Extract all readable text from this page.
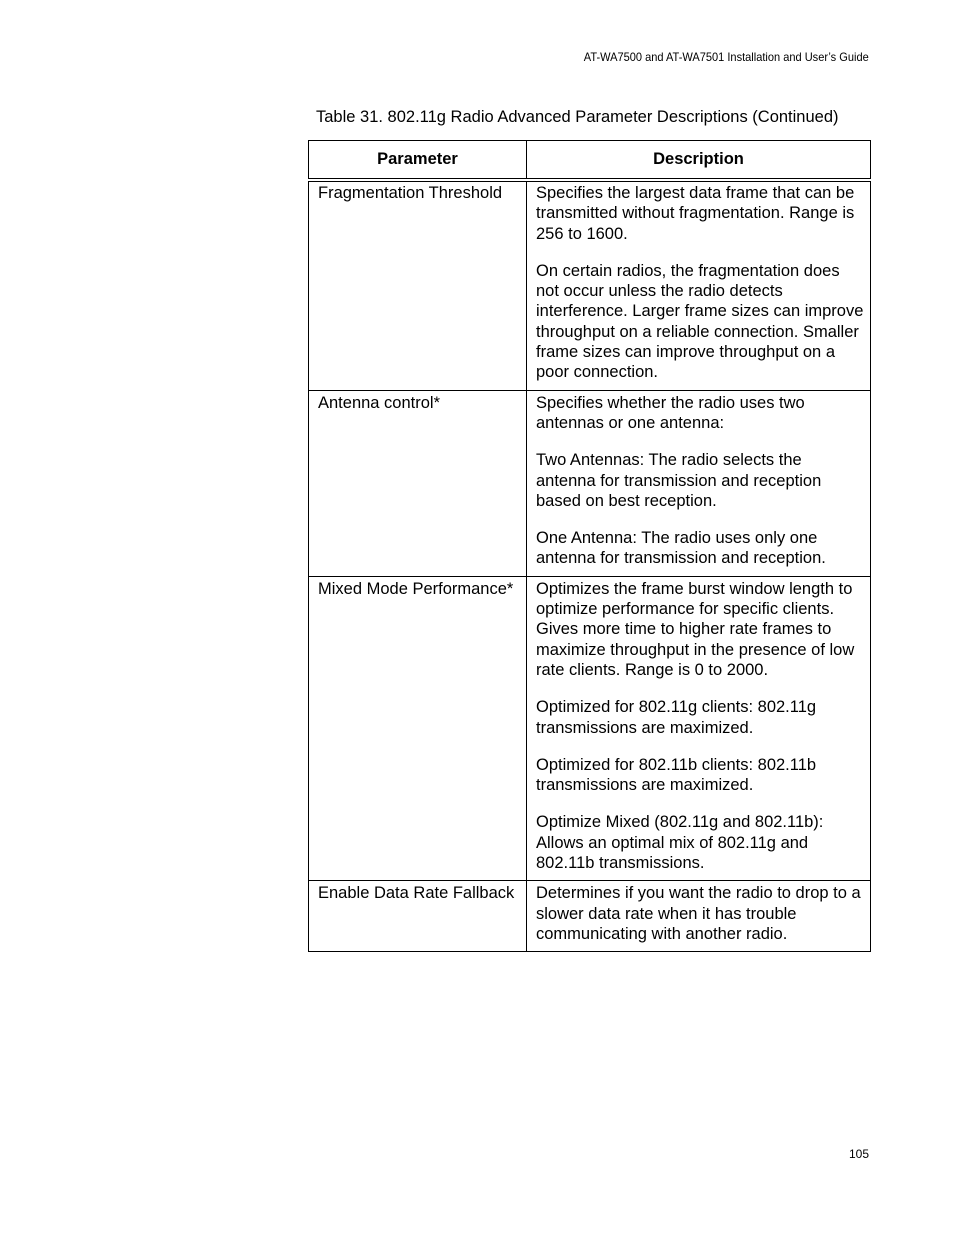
AT-WA7500 and AT-WA7501 Installation and User’s Guide
Table 31. 802.11g Radio Advanced Parameter Descriptions (Continued)
Parameter	Description
Fragmentation Threshold	Specifies the largest data frame that can be transmitted without fragmentation. Range is 256 to 1600.

On certain radios, the fragmentation does not occur unless the radio detects interference. Larger frame sizes can improve throughput on a reliable connection. Smaller frame sizes can improve throughput on a poor connection.

Antenna control*	Specifies whether the radio uses two antennas or one antenna:

Two Antennas: The radio selects the antenna for transmission and reception based on best reception.

One Antenna: The radio uses only one antenna for transmission and reception.

Mixed Mode Performance*	Optimizes the frame burst window length to optimize performance for specific clients. Gives more time to higher rate frames to maximize throughput in the presence of low rate clients. Range is 0 to 2000.

Optimized for 802.11g clients: 802.11g transmissions are maximized.

Optimized for 802.11b clients: 802.11b transmissions are maximized.

Optimize Mixed (802.11g and 802.11b): Allows an optimal mix of 802.11g and 802.11b transmissions.

Enable Data Rate Fallback	Determines if you want the radio to drop to a slower data rate when it has trouble communicating with another radio.

105
